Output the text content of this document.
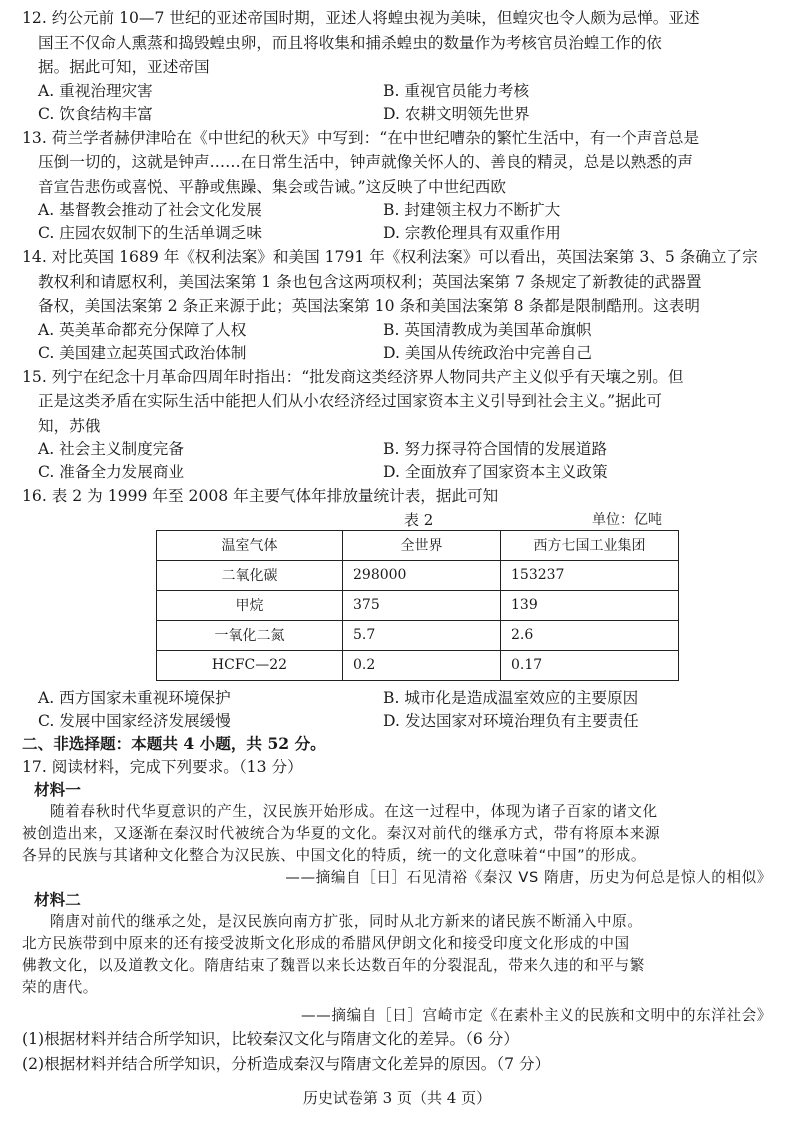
12. 约公元前 10—7 世纪的亚述帝国时期，亚述人将蝗虫视为美味，但蝗灾也令人颇为忌惮。亚述
国王不仅命人熏蒸和捣毁蝗虫卵，而且将收集和捕杀蝗虫的数量作为考核官员治蝗工作的依
据。据此可知，亚述帝国
A. 重视治理灾害	B. 重视官员能力考核
C. 饮食结构丰富	D. 农耕文明领先世界
13. 荷兰学者赫伊津哈在《中世纪的秋天》中写到：“在中世纪嘈杂的繁忙生活中，有一个声音总是
压倒一切的，这就是钟声……在日常生活中，钟声就像关怀人的、善良的精灵，总是以熟悉的声
音宣告悲伤或喜悦、平静或焦躁、集会或告诫。”这反映了中世纪西欧
A. 基督教会推动了社会文化发展	B. 封建领主权力不断扩大
C. 庄园农奴制下的生活单调乏味	D. 宗教伦理具有双重作用
14. 对比英国 1689 年《权利法案》和美国 1791 年《权利法案》可以看出，英国法案第 3、5 条确立了宗
教权利和请愿权利，美国法案第 1 条也包含这两项权利；英国法案第 7 条规定了新教徒的武器置
备权，美国法案第 2 条正来源于此；英国法案第 10 条和美国法案第 8 条都是限制酷刑。这表明
A. 英美革命都充分保障了人权	B. 英国清教成为美国革命旗帜
C. 美国建立起英国式政治体制	D. 美国从传统政治中完善自己
15. 列宁在纪念十月革命四周年时指出：“批发商这类经济界人物同共产主义似乎有天壤之别。但
正是这类矛盾在实际生活中能把人们从小农经济经过国家资本主义引导到社会主义。”据此可
知，苏俄
A. 社会主义制度完备	B. 努力探寻符合国情的发展道路
C. 准备全力发展商业	D. 全面放弃了国家资本主义政策
16. 表 2 为 1999 年至 2008 年主要气体年排放量统计表，据此可知
表 2	单位：亿吨
温室气体	全世界	西方七国工业集团
二氧化碳	298000	153237
甲烷	375	139
一氧化二氮	5.7	2.6
HCFC—22	0.2	0.17
A. 西方国家未重视环境保护	B. 城市化是造成温室效应的主要原因
C. 发展中国家经济发展缓慢	D. 发达国家对环境治理负有主要责任
二、非选择题：本题共 4 小题，共 52 分。
17. 阅读材料，完成下列要求。（13 分）
材料一
随着春秋时代华夏意识的产生，汉民族开始形成。在这一过程中，体现为诸子百家的诸文化
被创造出来，又逐渐在秦汉时代被统合为华夏的文化。秦汉对前代的继承方式，带有将原本来源
各异的民族与其诸种文化整合为汉民族、中国文化的特质，统一的文化意味着“中国”的形成。
——摘编自［日］石见清裕《秦汉 VS 隋唐，历史为何总是惊人的相似》
材料二
隋唐对前代的继承之处，是汉民族向南方扩张，同时从北方新来的诸民族不断涌入中原。
北方民族带到中原来的还有接受波斯文化形成的希腊风伊朗文化和接受印度文化形成的中国
佛教文化，以及道教文化。隋唐结束了魏晋以来长达数百年的分裂混乱，带来久违的和平与繁
荣的唐代。
——摘编自［日］宫崎市定《在素朴主义的民族和文明中的东洋社会》
(1)根据材料并结合所学知识，比较秦汉文化与隋唐文化的差异。（6 分）
(2)根据材料并结合所学知识，分析造成秦汉与隋唐文化差异的原因。（7 分）
历史试卷第 3 页（共 4 页）
